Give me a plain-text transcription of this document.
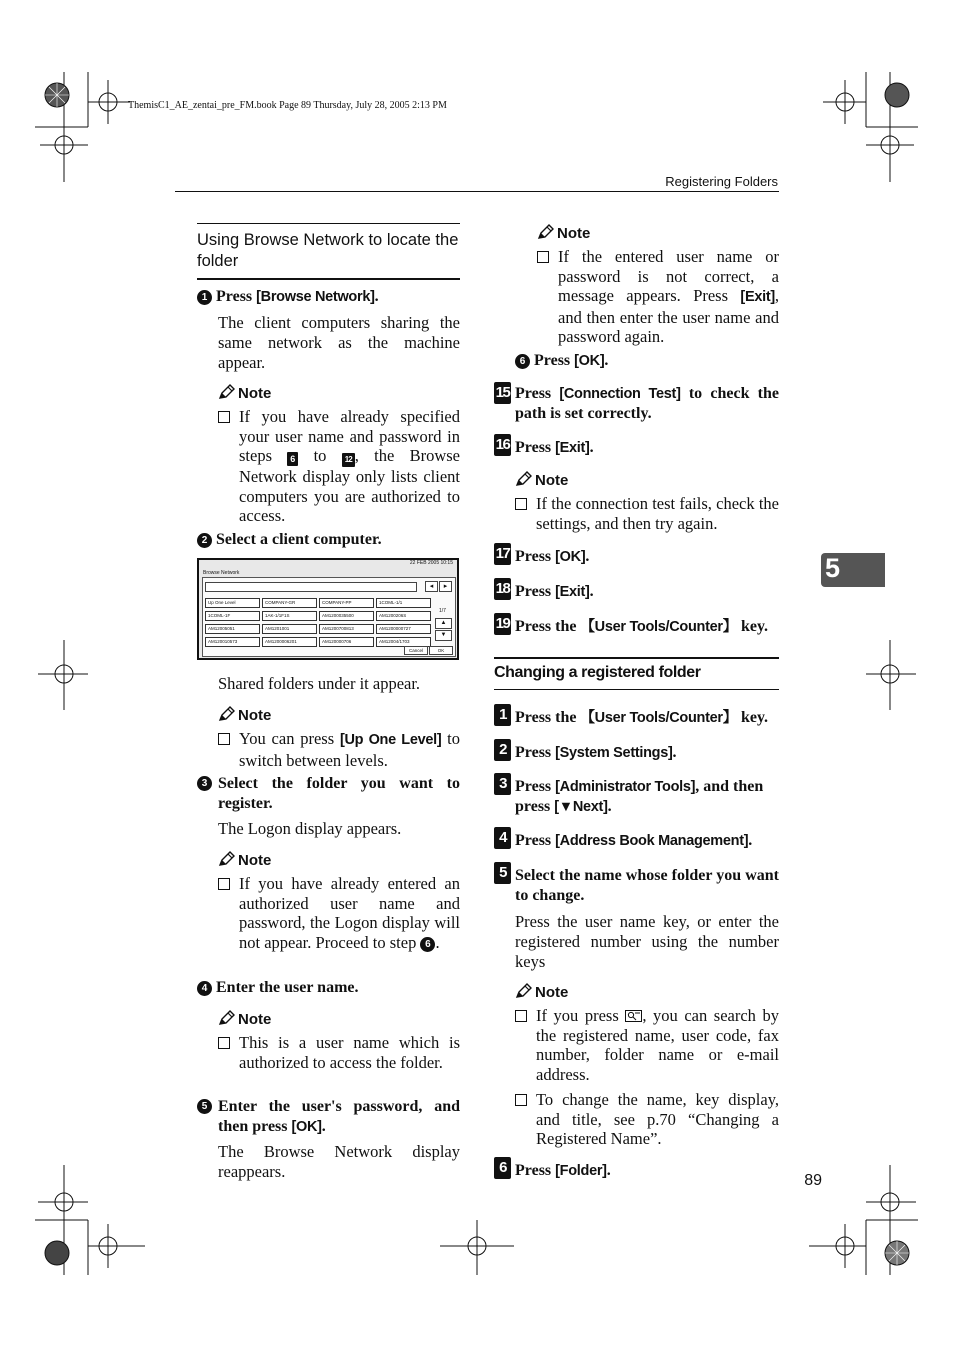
ThemisC1_AE_zentai_pre_FM.book Page 89 Thursday, July 28, 2005 2:13 PM
Registering Folders
5
89
Using Browse Network to locate the folder
1 Press [Browse Network].
The client computers sharing the same network as the machine appear.
Note
If you have already specified your user name and password in steps 6 to 12 , the Browse Network display only lists client computers you are authorized to access.
2 Select a client computer.
22 FEB 2005 10:15
Browse Network
◂	▸
Up One Level	COMPANY-GR	COMPANY-PP	1COML-1/1
1COML-1F	1AK-1/1F1S	AM1200035500	AM1200206S
AM12005051	AM1201001	AM1200700813	AM1200000727
AM120010573	AM1200006201	AM120000706	AM12004/1703
1/7
▲
▼
Cancel	OK
Shared folders under it appear.
Note
You can press [Up One Level] to switch between levels.
3 Select the folder you want to register.
The Logon display appears.
Note
If you have already entered an authorized user name and password, the Logon display will not appear. Proceed to step 6 .
4 Enter the user name.
Note
This is a user name which is authorized to access the folder.
5 Enter the user's password, and then press [OK].
The Browse Network display reappears.
Note
If the entered user name or password is not correct, a message appears. Press [Exit], and then enter the user name and password again.
6 Press [OK].
15 Press [Connection Test] to check the path is set correctly.
16 Press [Exit].
Note
If the connection test fails, check the settings, and then try again.
17 Press [OK].
18 Press [Exit].
19 Press the 【User Tools/Counter】 key.
Changing a registered folder
1 Press the 【User Tools/Counter】 key.
2 Press [System Settings].
3 Press [Administrator Tools], and then press [▼Next].
4 Press [Address Book Management].
5 Select the name whose folder you want to change.
Press the user name key, or enter the registered number using the number keys
Note
If you press , you can search by the registered name, user code, fax number, folder name or e-mail address.
To change the name, key display, and title, see p.70 “Changing a Registered Name”.
6 Press [Folder].
